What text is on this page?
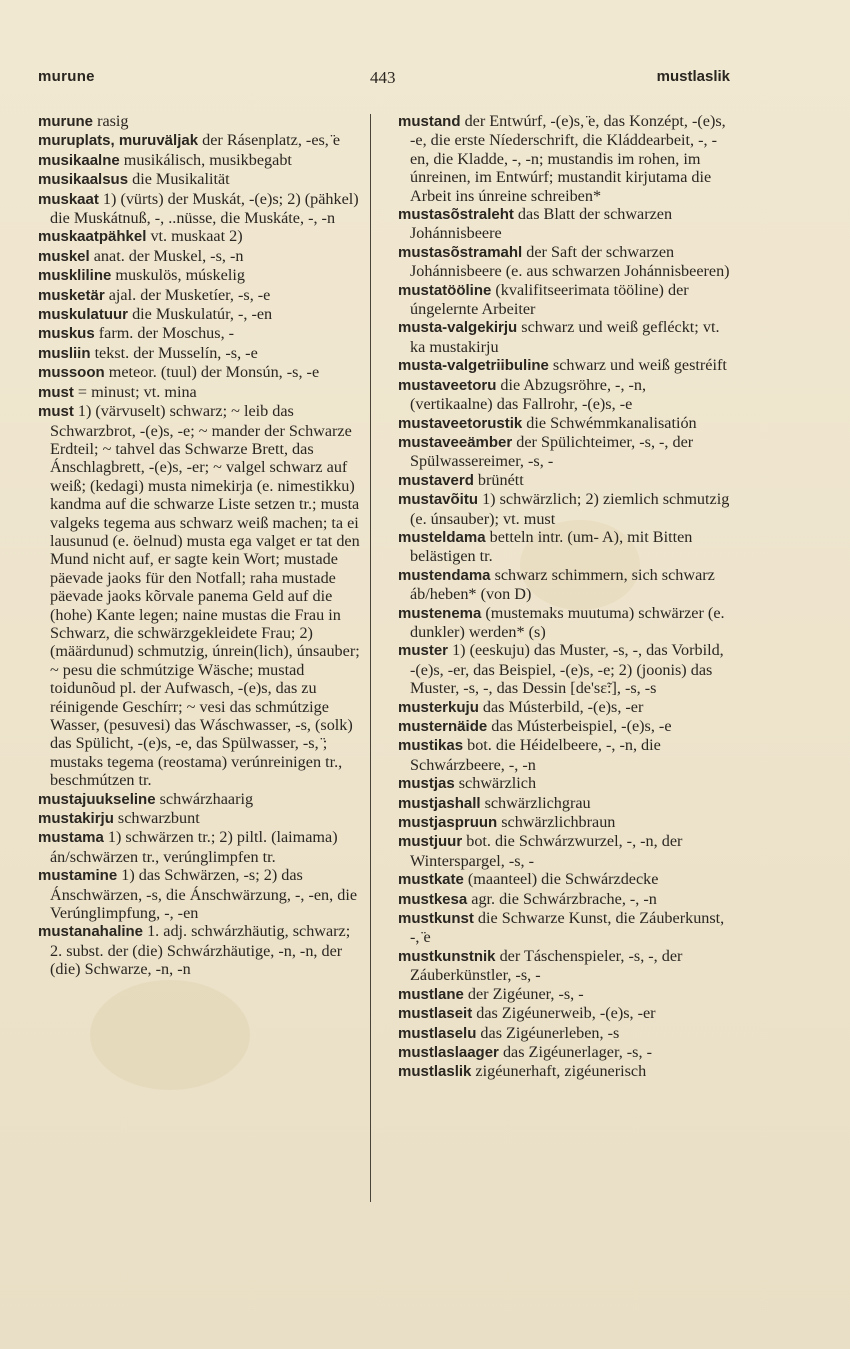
murune	443	mustlaslik

murune rasig

muruplats, muruväljak der Rásenplatz, -es, ̈e

musikaalne musikálisch, musikbegabt

musikaalsus die Musikalität

muskaat 1) (vürts) der Muskát, -(e)s; 2) (pähkel) die Muskátnuß, -, ..nüsse, die Muskáte, -, -n

muskaatpähkel vt. muskaat 2)

muskel anat. der Muskel, -s, -n

muskliline muskulös, múskelig

musketär ajal. der Musketíer, -s, -e

muskulatuur die Muskulatúr, -, -en

muskus farm. der Moschus, -

musliin tekst. der Musselín, -s, -e

mussoon meteor. (tuul) der Monsún, -s, -e

must = minust; vt. mina

must 1) (värvuselt) schwarz; ~ leib das Schwarzbrot, -(e)s, -e; ~ mander der Schwarze Erdteil; ~ tahvel das Schwarze Brett, das Ánschlagbrett, -(e)s, -er; ~ valgel schwarz auf weiß; (kedagi) musta nimekirja (e. nimestikku) kandma auf die schwarze Liste setzen tr.; musta valgeks tegema aus schwarz weiß machen; ta ei lausunud (e. öelnud) musta ega valget er tat den Mund nicht auf, er sagte kein Wort; mustade päevade jaoks für den Notfall; raha mustade päevade jaoks kõrvale panema Geld auf die (hohe) Kante legen; naine mustas die Frau in Schwarz, die schwärzgekleidete Frau; 2) (määrdunud) schmutzig, únrein(lich), únsauber; ~ pesu die schmútzige Wäsche; mustad toidunõud pl. der Aufwasch, -(e)s, das zu réinigende Geschírr; ~ vesi das schmútzige Wasser, (pesuvesi) das Wáschwasser, -s, (solk) das Spülicht, -(e)s, -e, das Spülwasser, -s, ̈; mustaks tegema (reostama) verúnreinigen tr., beschmútzen tr.

mustajuukseline schwárzhaarig

mustakirju schwarzbunt

mustama 1) schwärzen tr.; 2) piltl. (laimama) án/schwärzen tr., verúnglimpfen tr.

mustamine 1) das Schwärzen, -s; 2) das Ánschwärzen, -s, die Ánschwärzung, -, -en, die Verúnglimpfung, -, -en

mustanahaline 1. adj. schwárzhäutig, schwarz; 2. subst. der (die) Schwárzhäutige, -n, -n, der (die) Schwarze, -n, -n

mustand der Entwúrf, -(e)s, ̈e, das Konzépt, -(e)s, -e, die erste Níederschrift, die Kláddearbeit, -, -en, die Kladde, -, -n; mustandis im rohen, im únreinen, im Entwúrf; mustandit kirjutama die Arbeit ins únreine schreiben*

mustasõstraleht das Blatt der schwarzen Johánnisbeere

mustasõstramahl der Saft der schwarzen Johánnisbeere (e. aus schwarzen Johánnisbeeren)

mustatööline (kvalifitseerimata tööline) der úngelernte Arbeiter

musta-valgekirju schwarz und weiß gefléckt; vt. ka mustakirju

musta-valgetriibuline schwarz und weiß gestréift

mustaveetoru die Abzugsröhre, -, -n, (vertikaalne) das Fallrohr, -(e)s, -e

mustaveetorustik die Schwémmkanalisatión

mustaveeämber der Spülichteimer, -s, -, der Spülwassereimer, -s, -

mustaverd brünétt

mustavõitu 1) schwärzlich; 2) ziemlich schmutzig (e. únsauber); vt. must

musteldama betteln intr. (um- A), mit Bitten belästigen tr.

mustendama schwarz schimmern, sich schwarz áb/heben* (von D)

mustenema (mustemaks muutuma) schwärzer (e. dunkler) werden* (s)

muster 1) (eeskuju) das Muster, -s, -, das Vorbild, -(e)s, -er, das Beispiel, -(e)s, -e; 2) (joonis) das Muster, -s, -, das Dessin [de'sɛ̃:], -s, -s

musterkuju das Músterbild, -(e)s, -er

musternäide das Músterbeispiel, -(e)s, -e

mustikas bot. die Héidelbeere, -, -n, die Schwárzbeere, -, -n

mustjas schwärzlich

mustjashall schwärzlichgrau

mustjaspruun schwärzlichbraun

mustjuur bot. die Schwárzwurzel, -, -n, der Winterspargel, -s, -

mustkate (maanteel) die Schwárzdecke

mustkesa agr. die Schwárzbrache, -, -n

mustkunst die Schwarze Kunst, die Záuberkunst, -, ̈e

mustkunstnik der Táschenspieler, -s, -, der Záuberkünstler, -s, -

mustlane der Zigéuner, -s, -

mustlaseit das Zigéunerweib, -(e)s, -er

mustlaselu das Zigéunerleben, -s

mustlaslaager das Zigéunerlager, -s, -

mustlaslik zigéunerhaft, zigéunerisch
